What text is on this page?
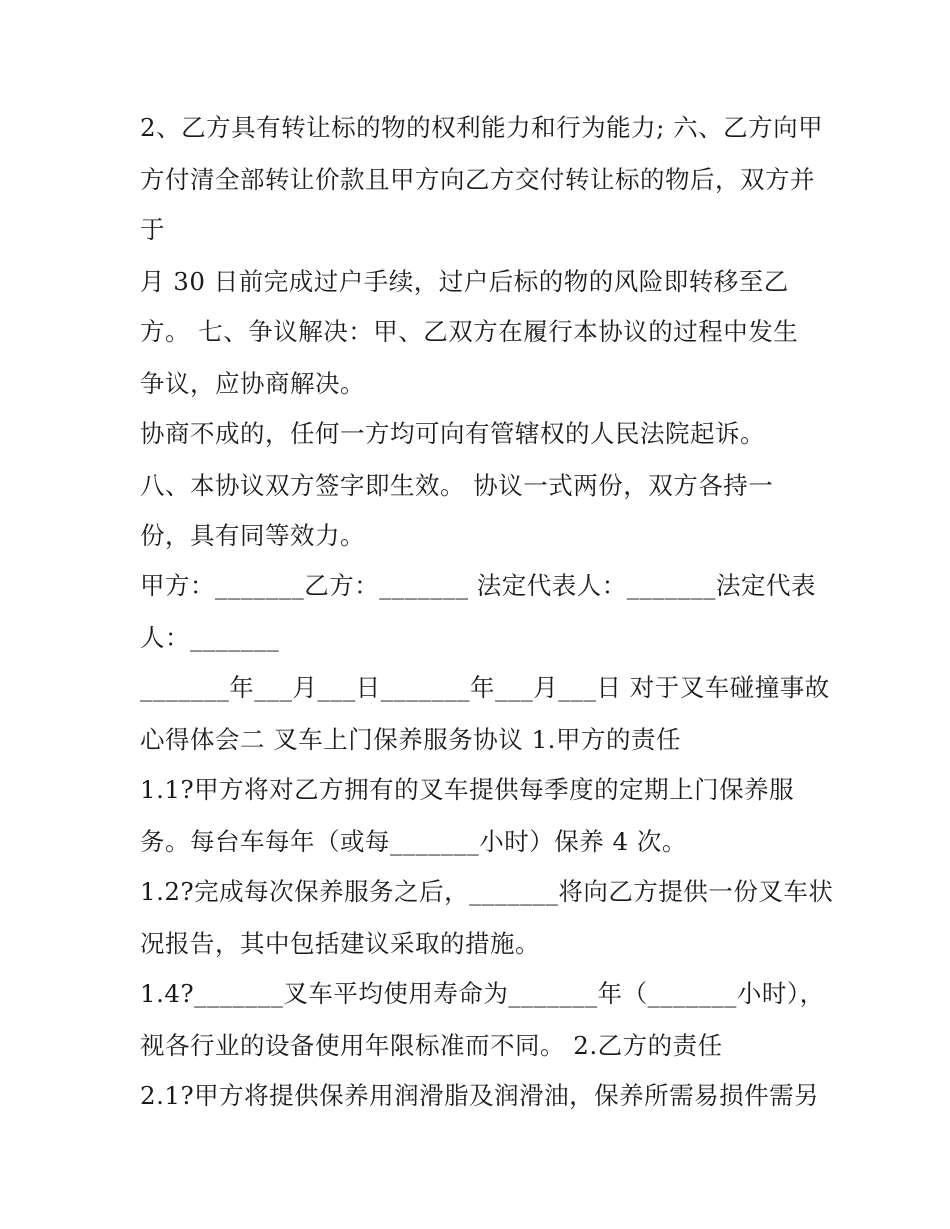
2、乙方具有转让标的物的权利能力和行为能力; 六、乙方向甲
方付清全部转让价款且甲方向乙方交付转让标的物后，双方并
于
月 30 日前完成过户手续，过户后标的物的风险即转移至乙
方。 七、争议解决：甲、乙双方在履行本协议的过程中发生
争议，应协商解决。
协商不成的，任何一方均可向有管辖权的人民法院起诉。
八、本协议双方签字即生效。 协议一式两份，双方各持一
份，具有同等效力。
甲方：_______乙方：_______ 法定代表人：_______法定代表
人：_______
_______年___月___日_______年___月___日 对于叉车碰撞事故
心得体会二 叉车上门保养服务协议 1.甲方的责任
1.1?甲方将对乙方拥有的叉车提供每季度的定期上门保养服
务。每台车每年（或每_______小时）保养 4 次。
1.2?完成每次保养服务之后，_______将向乙方提供一份叉车状
况报告，其中包括建议采取的措施。
1.4?_______叉车平均使用寿命为_______年（_______小时），
视各行业的设备使用年限标准而不同。 2.乙方的责任
2.1?甲方将提供保养用润滑脂及润滑油，保养所需易损件需另
